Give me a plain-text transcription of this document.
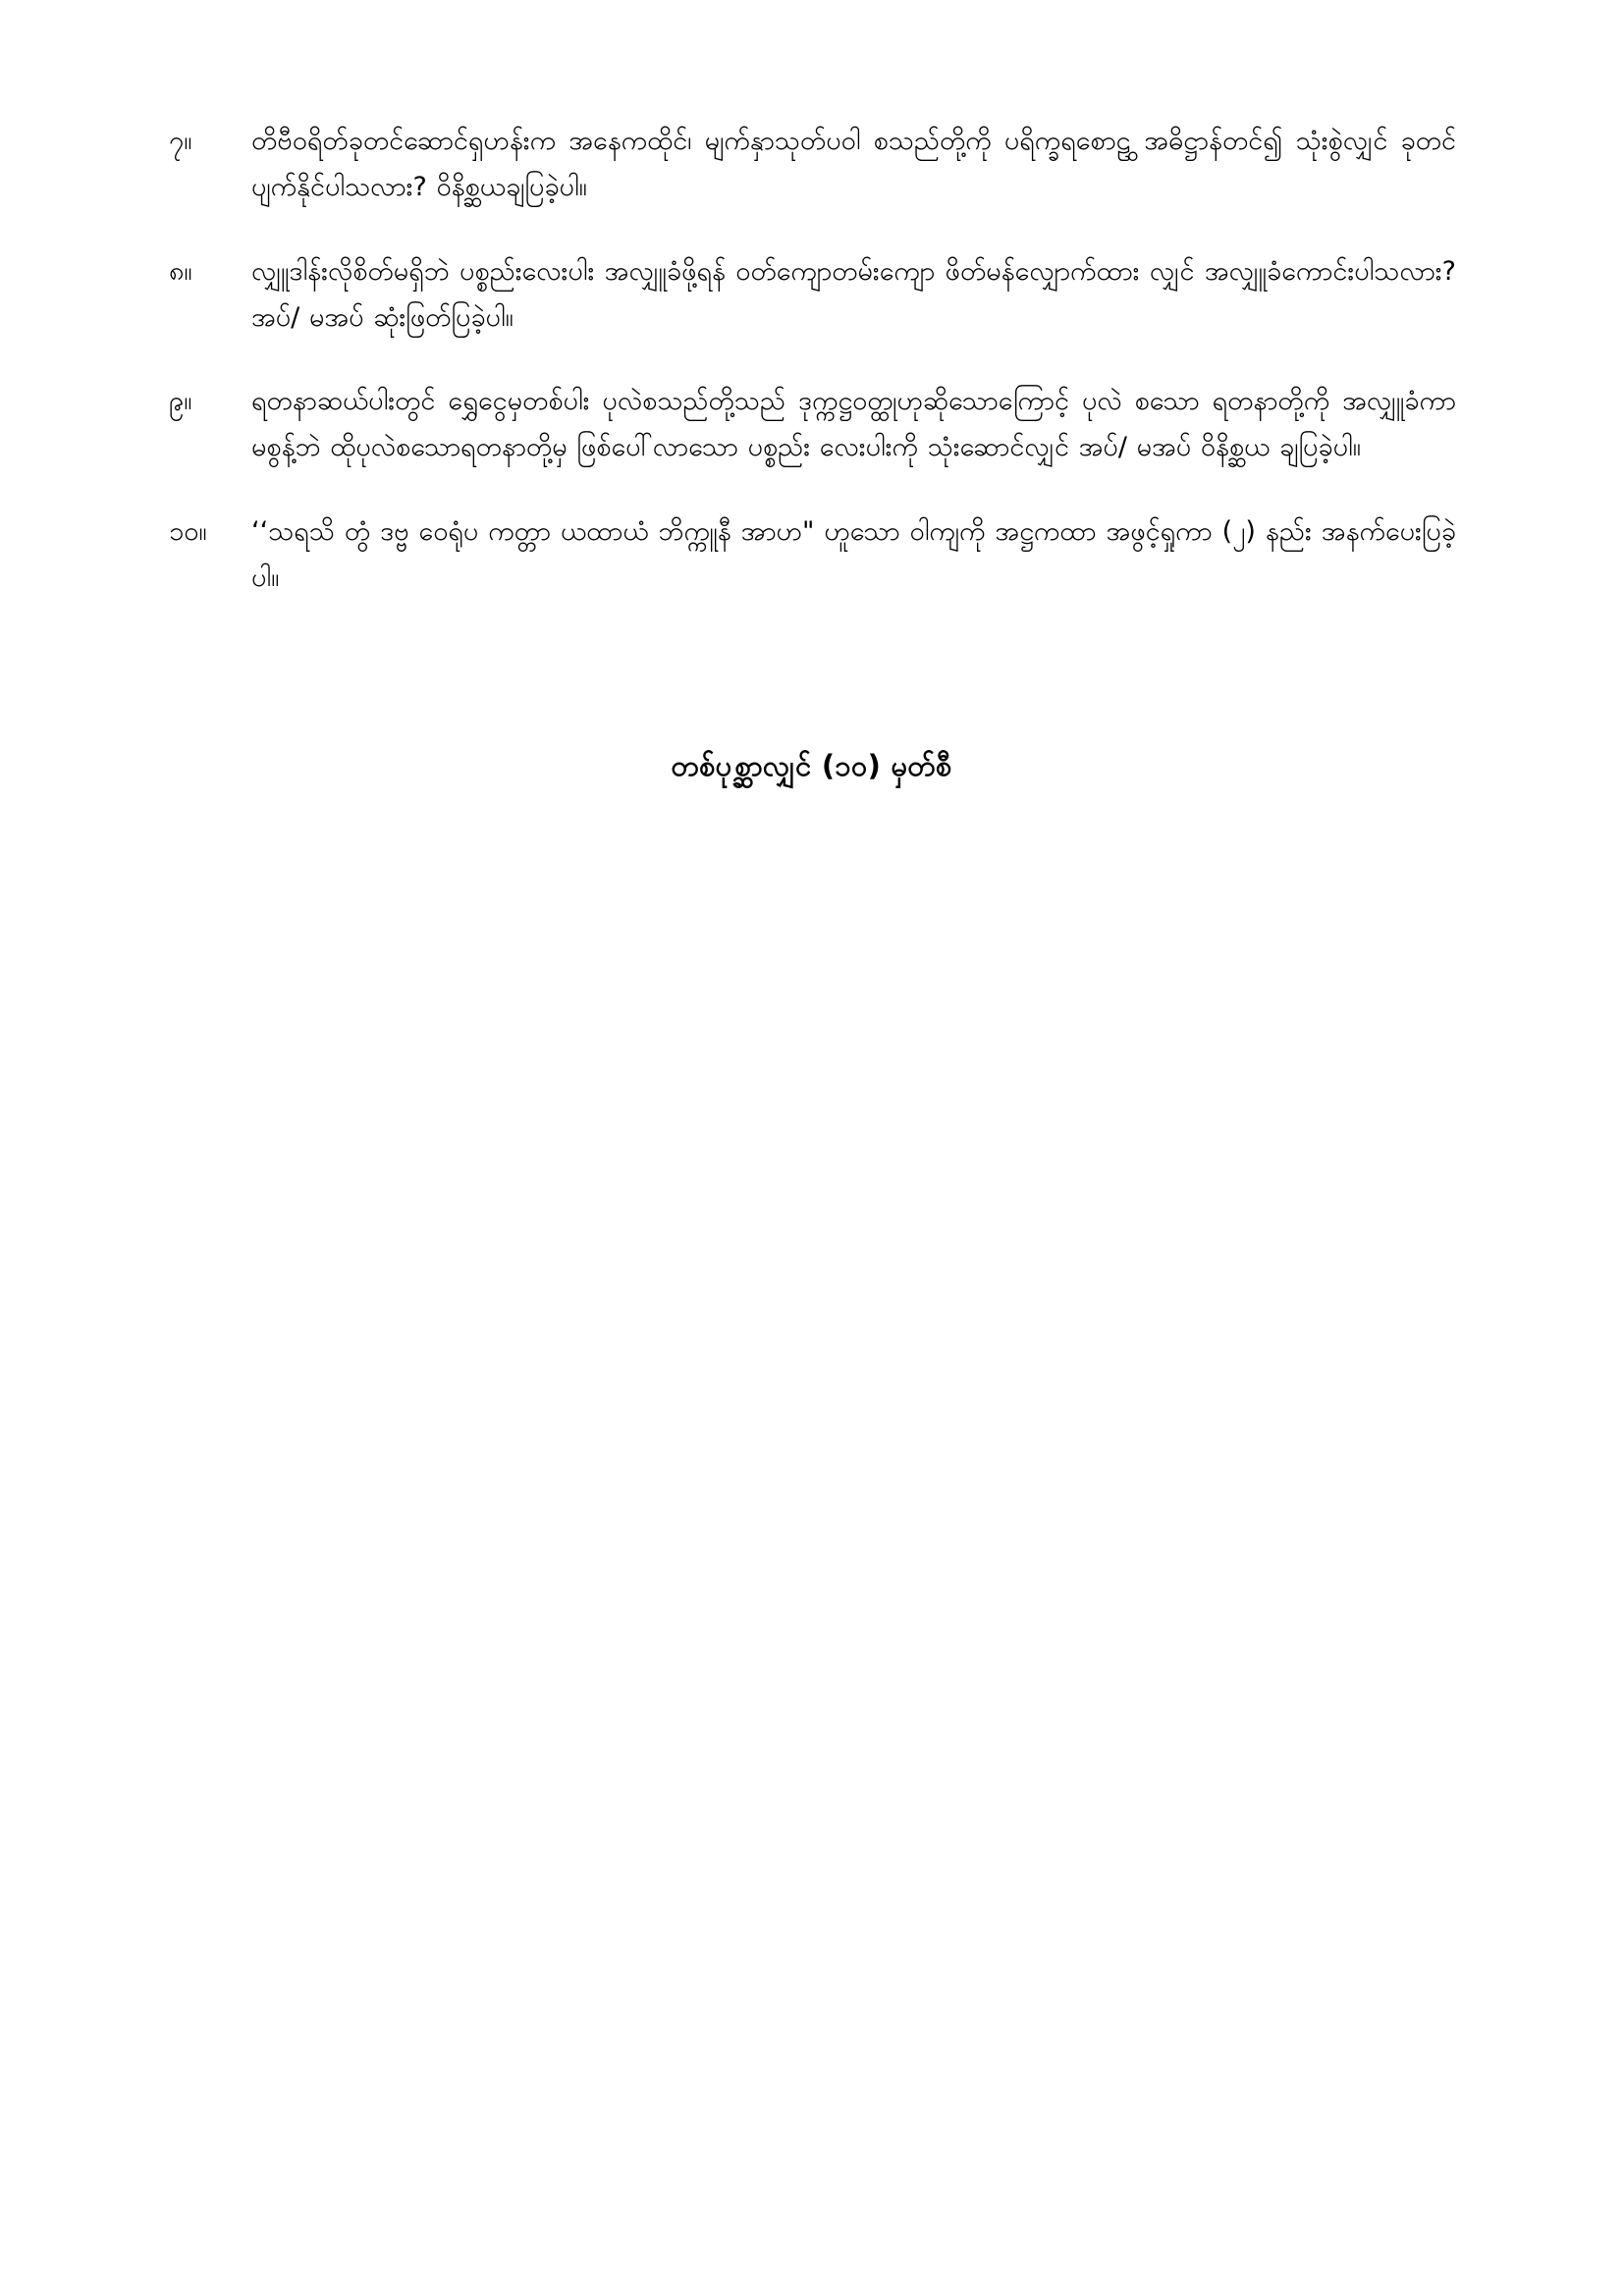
၇။	တိဗီဝရိတ်ခုတင်ဆောင်ရှဟန်းက အနေကထိုင်၊ မျက်နှာသုတ်ပဝါ စသည်တို့ကို ပရိက္ခရစောဠွ အဓိဋ္ဌာန်တင်၍ သုံးစွဲလျှင် ခုတင်ပျက်နိုင်ပါသလား? ဝိနိစ္ဆယချပြခဲ့ပါ။
၈။	လျှူဒါန်းလိုစိတ်မရှိဘဲ ပစ္စည်းလေးပါး အလျှူခံဖို့ရန် ဝတ်ကျောတမ်းကျော ဖိတ်မန်လျှောက်ထား လျှင် အလျှူခံကောင်းပါသလား? အပ်/ မအပ် ဆုံးဖြတ်ပြခဲ့ပါ။
၉။	ရတနာဆယ်ပါးတွင် ရွှေငွေမှတစ်ပါး ပုလဲစသည်တို့သည် ဒုက္ကဋ္ဌဝတ္ထုဟုဆိုသောကြောင့် ပုလဲ စသော ရတနာတို့ကို အလျှူခံကာ မစွန့်ဘဲ ထိုပုလဲစသောရတနာတို့မှ ဖြစ်ပေါ်လာသော ပစ္စည်း လေးပါးကို သုံးဆောင်လျှင် အပ်/ မအပ် ဝိနိစ္ဆယ ချပြခဲ့ပါ။
၁၀။	‘‘သရသိ တွံ ဒဗ္ဗ ဝေရုံပ ကတ္တာ ယထာယံ ဘိက္ကူနီ အာဟ" ဟူသော ဝါကျကို အဋ္ဌကထာ အဖွင့်ရှုကာ (၂) နည်း အနက်ပေးပြခဲ့ပါ။
တစ်ပုစ္ဆာလျှင် (၁၀) မှတ်စီ
